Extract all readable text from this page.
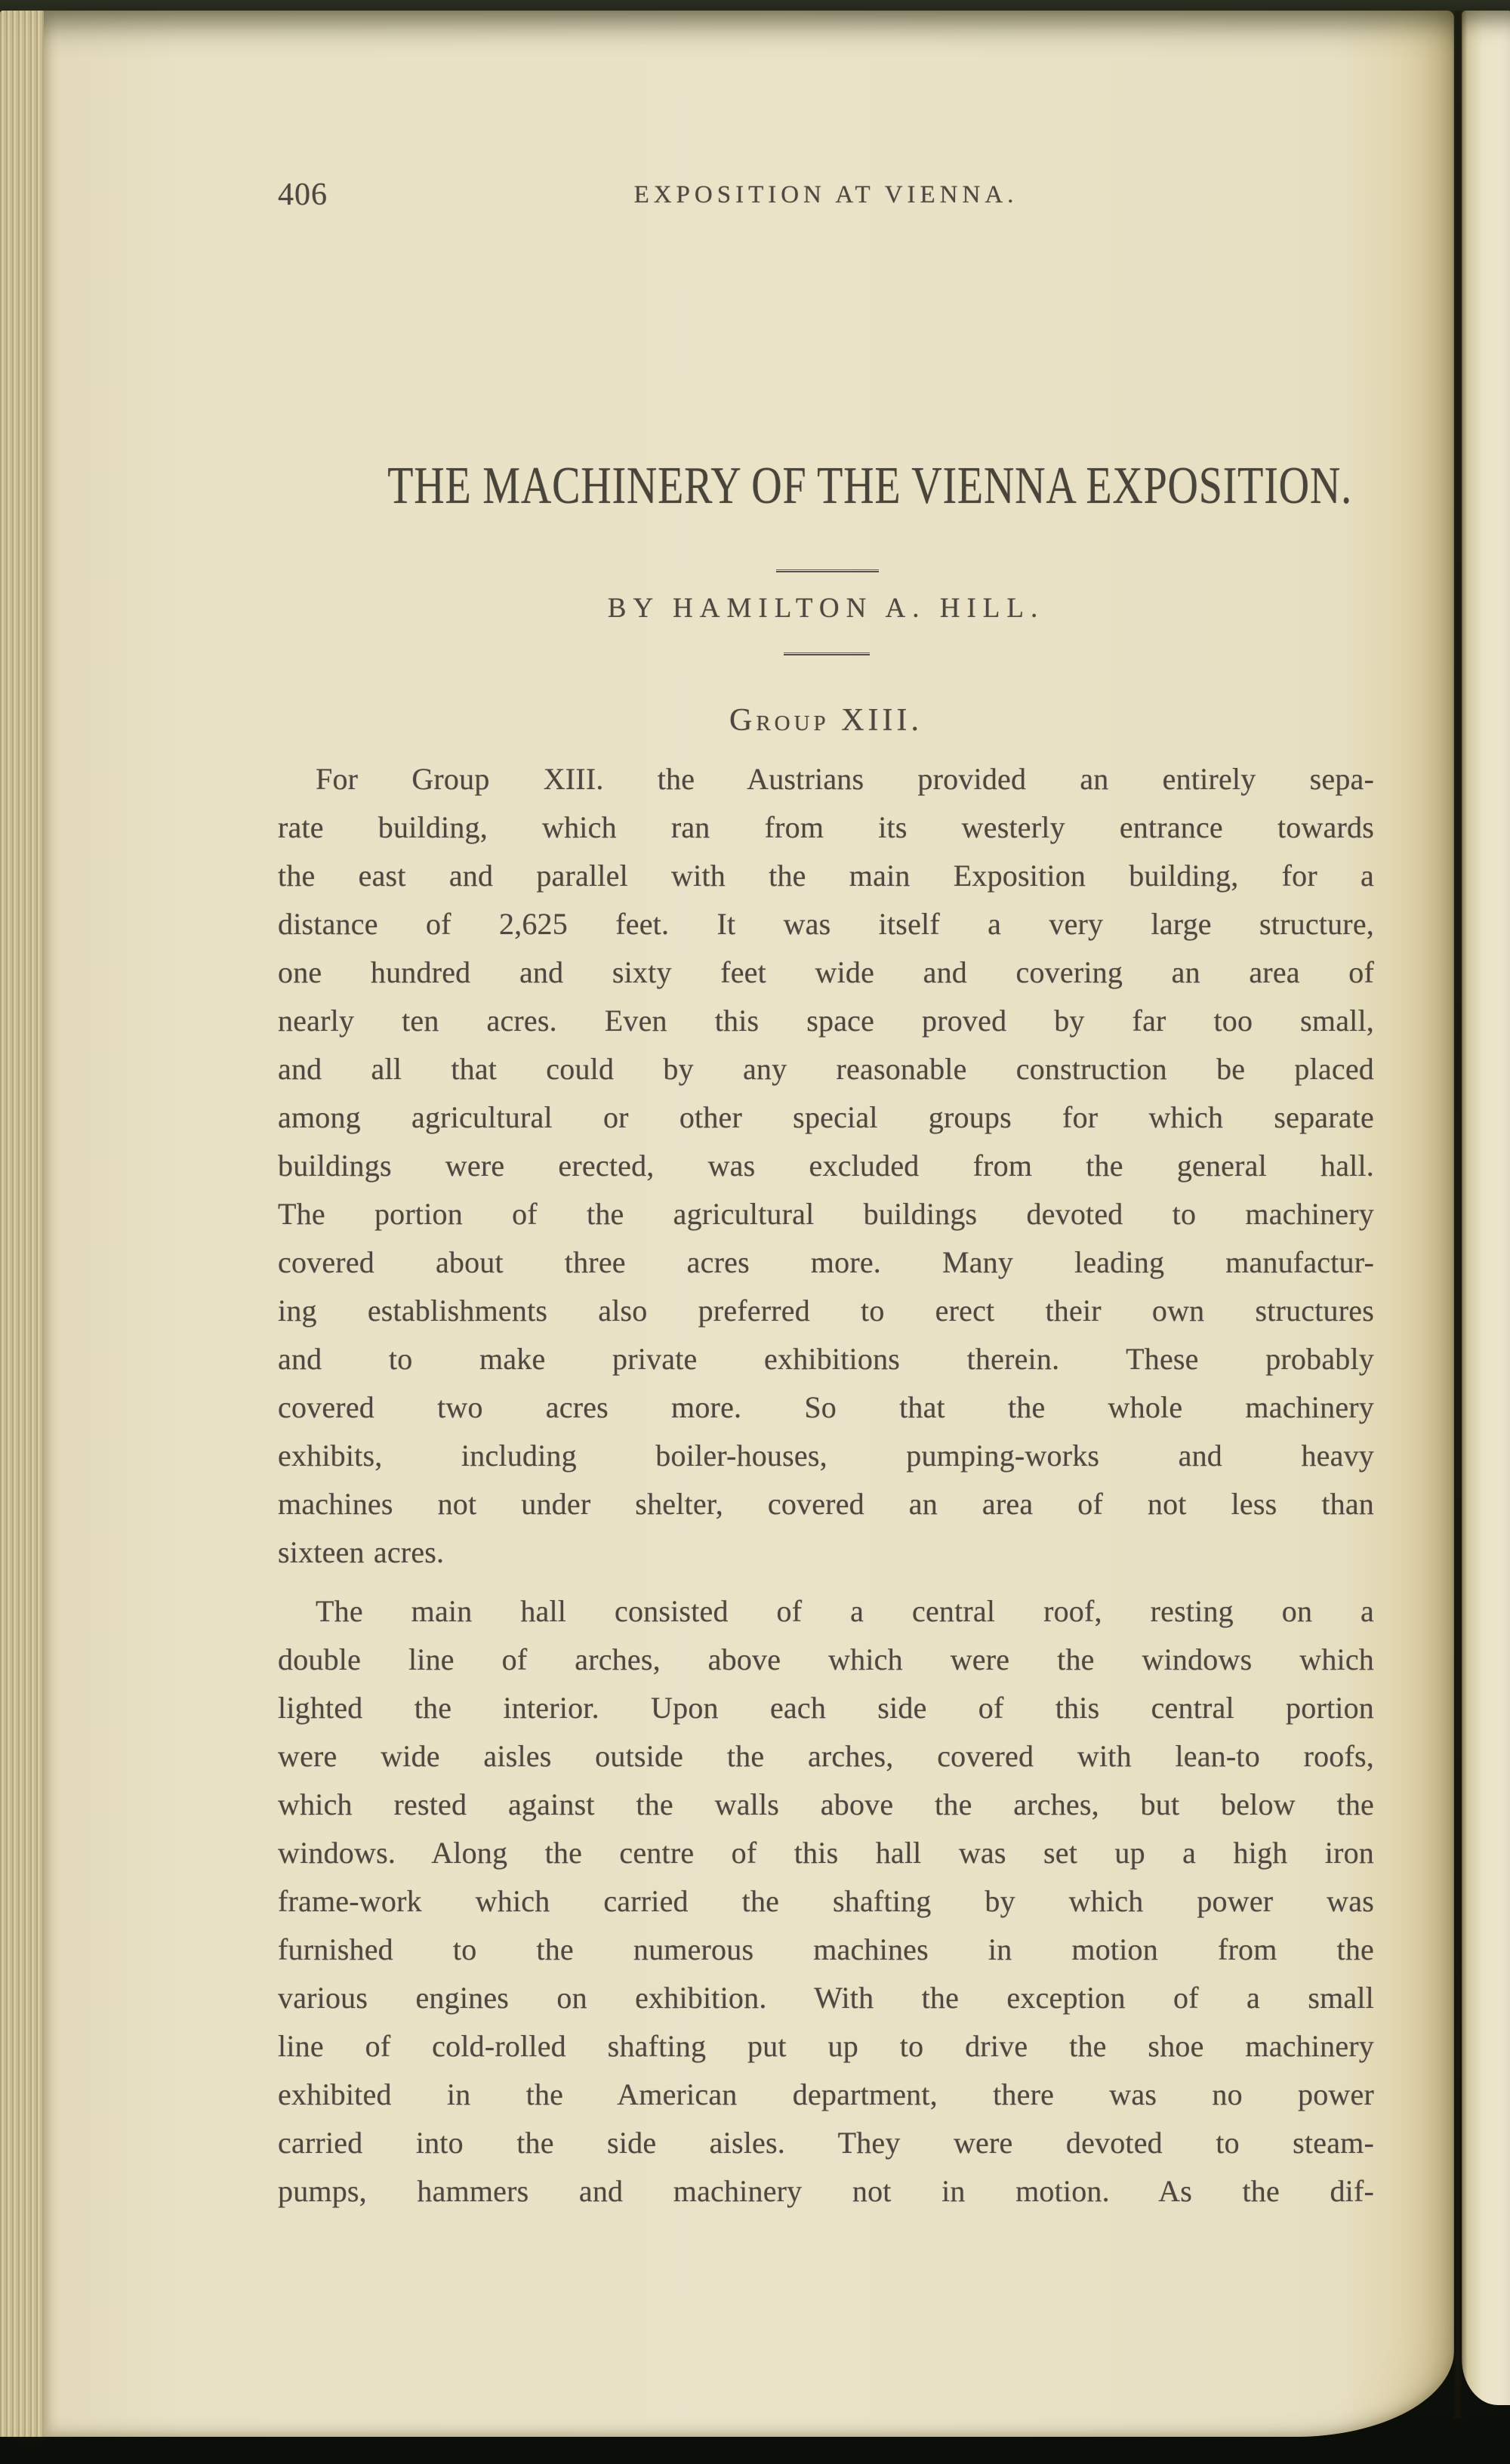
406	EXPOSITION AT VIENNA.
THE MACHINERY OF THE VIENNA EXPOSITION.
BY HAMILTON A. HILL.
Group XIII.
For Group XIII. the Austrians provided an entirely sepa-
rate building, which ran from its westerly entrance towards
the east and parallel with the main Exposition building, for a
distance of 2,625 feet. It was itself a very large structure,
one hundred and sixty feet wide and covering an area of
nearly ten acres. Even this space proved by far too small,
and all that could by any reasonable construction be placed
among agricultural or other special groups for which separate
buildings were erected, was excluded from the general hall.
The portion of the agricultural buildings devoted to machinery
covered about three acres more. Many leading manufactur-
ing establishments also preferred to erect their own structures
and to make private exhibitions therein. These probably
covered two acres more. So that the whole machinery
exhibits, including boiler-houses, pumping-works and heavy
machines not under shelter, covered an area of not less than
sixteen acres.
The main hall consisted of a central roof, resting on a
double line of arches, above which were the windows which
lighted the interior. Upon each side of this central portion
were wide aisles outside the arches, covered with lean-to roofs,
which rested against the walls above the arches, but below the
windows. Along the centre of this hall was set up a high iron
frame-work which carried the shafting by which power was
furnished to the numerous machines in motion from the
various engines on exhibition. With the exception of a small
line of cold-rolled shafting put up to drive the shoe machinery
exhibited in the American department, there was no power
carried into the side aisles. They were devoted to steam-
pumps, hammers and machinery not in motion. As the dif-
